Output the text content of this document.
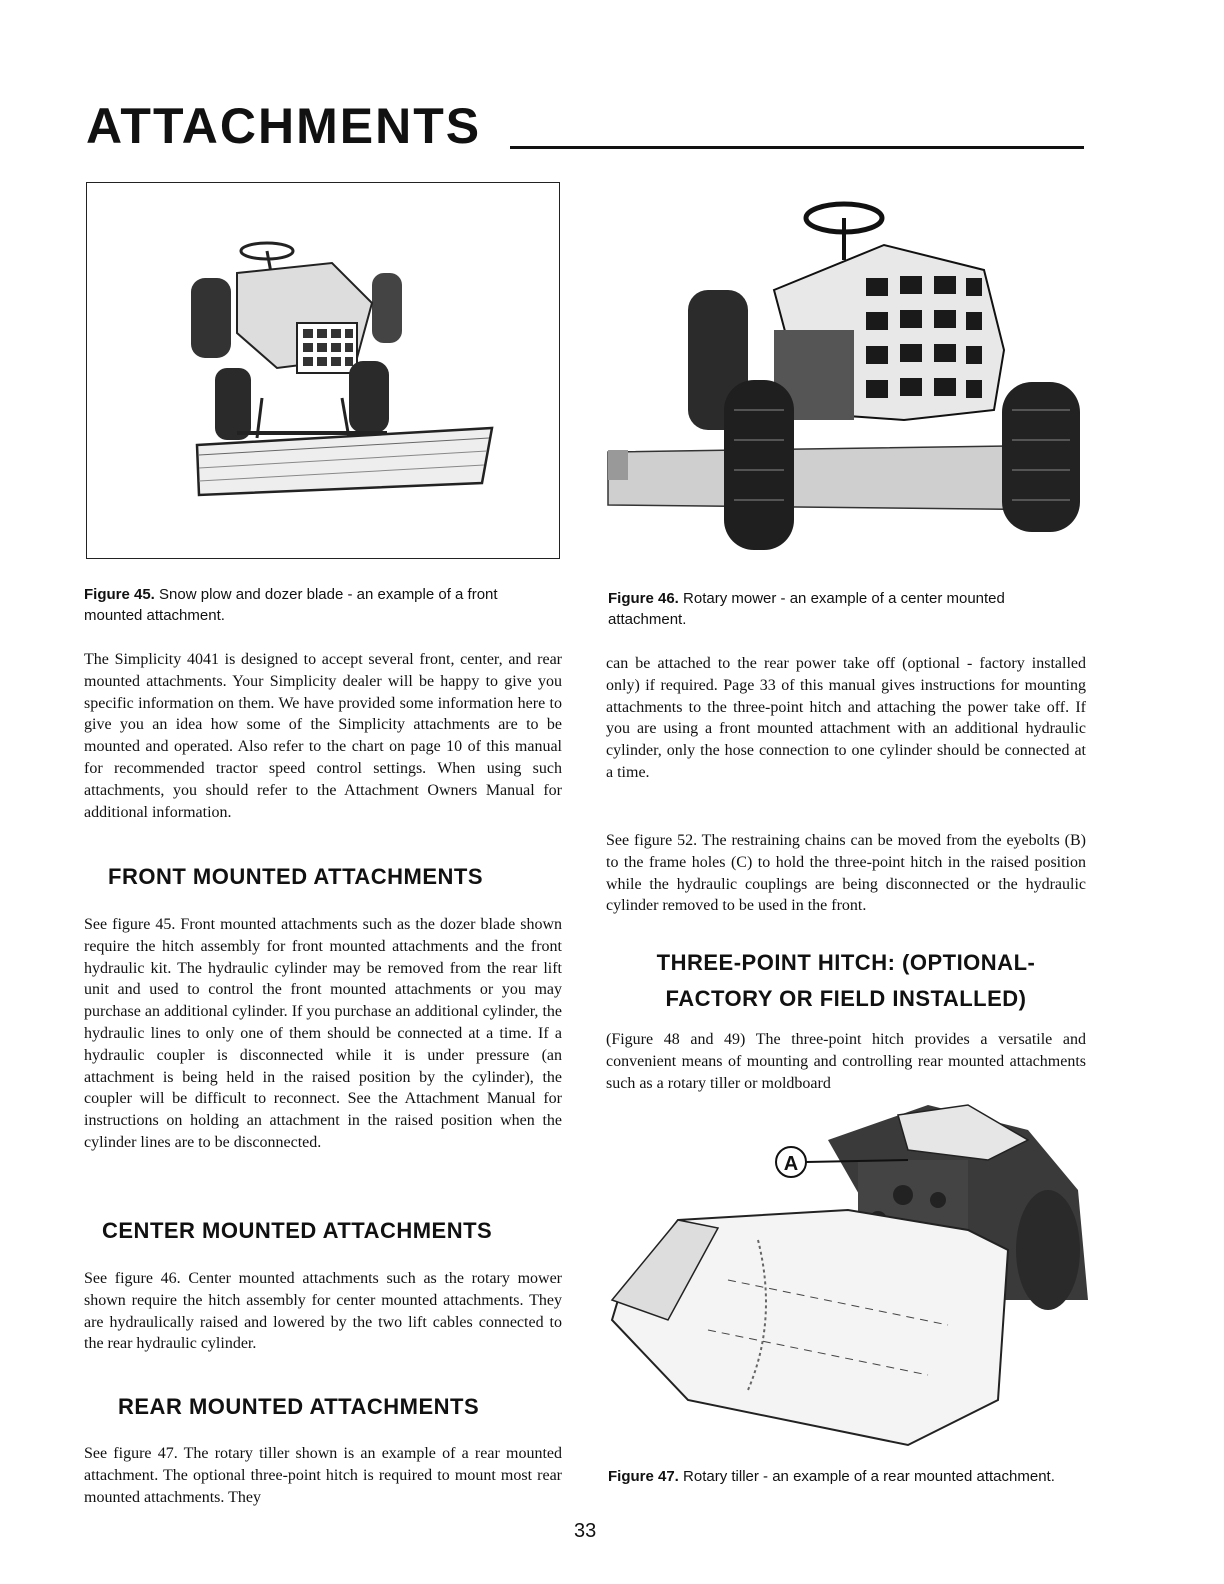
ATTACHMENTS
Figure 45. Snow plow and dozer blade - an example of a front mounted attachment.
Figure 46. Rotary mower - an example of a center mounted attachment.
The Simplicity 4041 is designed to accept several front, center, and rear mounted attachments. Your Simplicity dealer will be happy to give you specific information on them. We have provided some information here to give you an idea how some of the Simplicity attachments are to be mounted and operated. Also refer to the chart on page 10 of this manual for recommended tractor speed control settings. When using such attachments, you should refer to the Attachment Owners Manual for additional information.
FRONT MOUNTED ATTACHMENTS
See figure 45. Front mounted attachments such as the dozer blade shown require the hitch assembly for front mounted attachments and the front hydraulic kit. The hydraulic cylinder may be removed from the rear lift unit and used to control the front mounted attachments or you may purchase an additional cylinder. If you purchase an additional cylinder, the hydraulic lines to only one of them should be connected at a time. If a hydraulic coupler is disconnected while it is under pressure (an attachment is being held in the raised position by the cylinder), the coupler will be difficult to reconnect. See the Attachment Manual for instructions on holding an attachment in the raised position when the cylinder lines are to be disconnected.
CENTER MOUNTED ATTACHMENTS
See figure 46. Center mounted attachments such as the rotary mower shown require the hitch assembly for center mounted attachments. They are hydraulically raised and lowered by the two lift cables connected to the rear hydraulic cylinder.
REAR MOUNTED ATTACHMENTS
See figure 47. The rotary tiller shown is an example of a rear mounted attachment. The optional three-point hitch is required to mount most rear mounted attachments. They
can be attached to the rear power take off (optional - factory installed only) if required. Page 33 of this manual gives instructions for mounting attachments to the three-point hitch and attaching the power take off. If you are using a front mounted attachment with an additional hydraulic cylinder, only the hose connection to one cylinder should be connected at a time.
See figure 52. The restraining chains can be moved from the eyebolts (B) to the frame holes (C) to hold the three-point hitch in the raised position while the hydraulic couplings are being disconnected or the hydraulic cylinder removed to be used in the front.
THREE-POINT HITCH: (OPTIONAL-
FACTORY OR FIELD INSTALLED)
(Figure 48 and 49) The three-point hitch provides a versatile and convenient means of mounting and controlling rear mounted attachments such as a rotary tiller or moldboard
A
Figure 47. Rotary tiller - an example of a rear mounted attachment.
33
